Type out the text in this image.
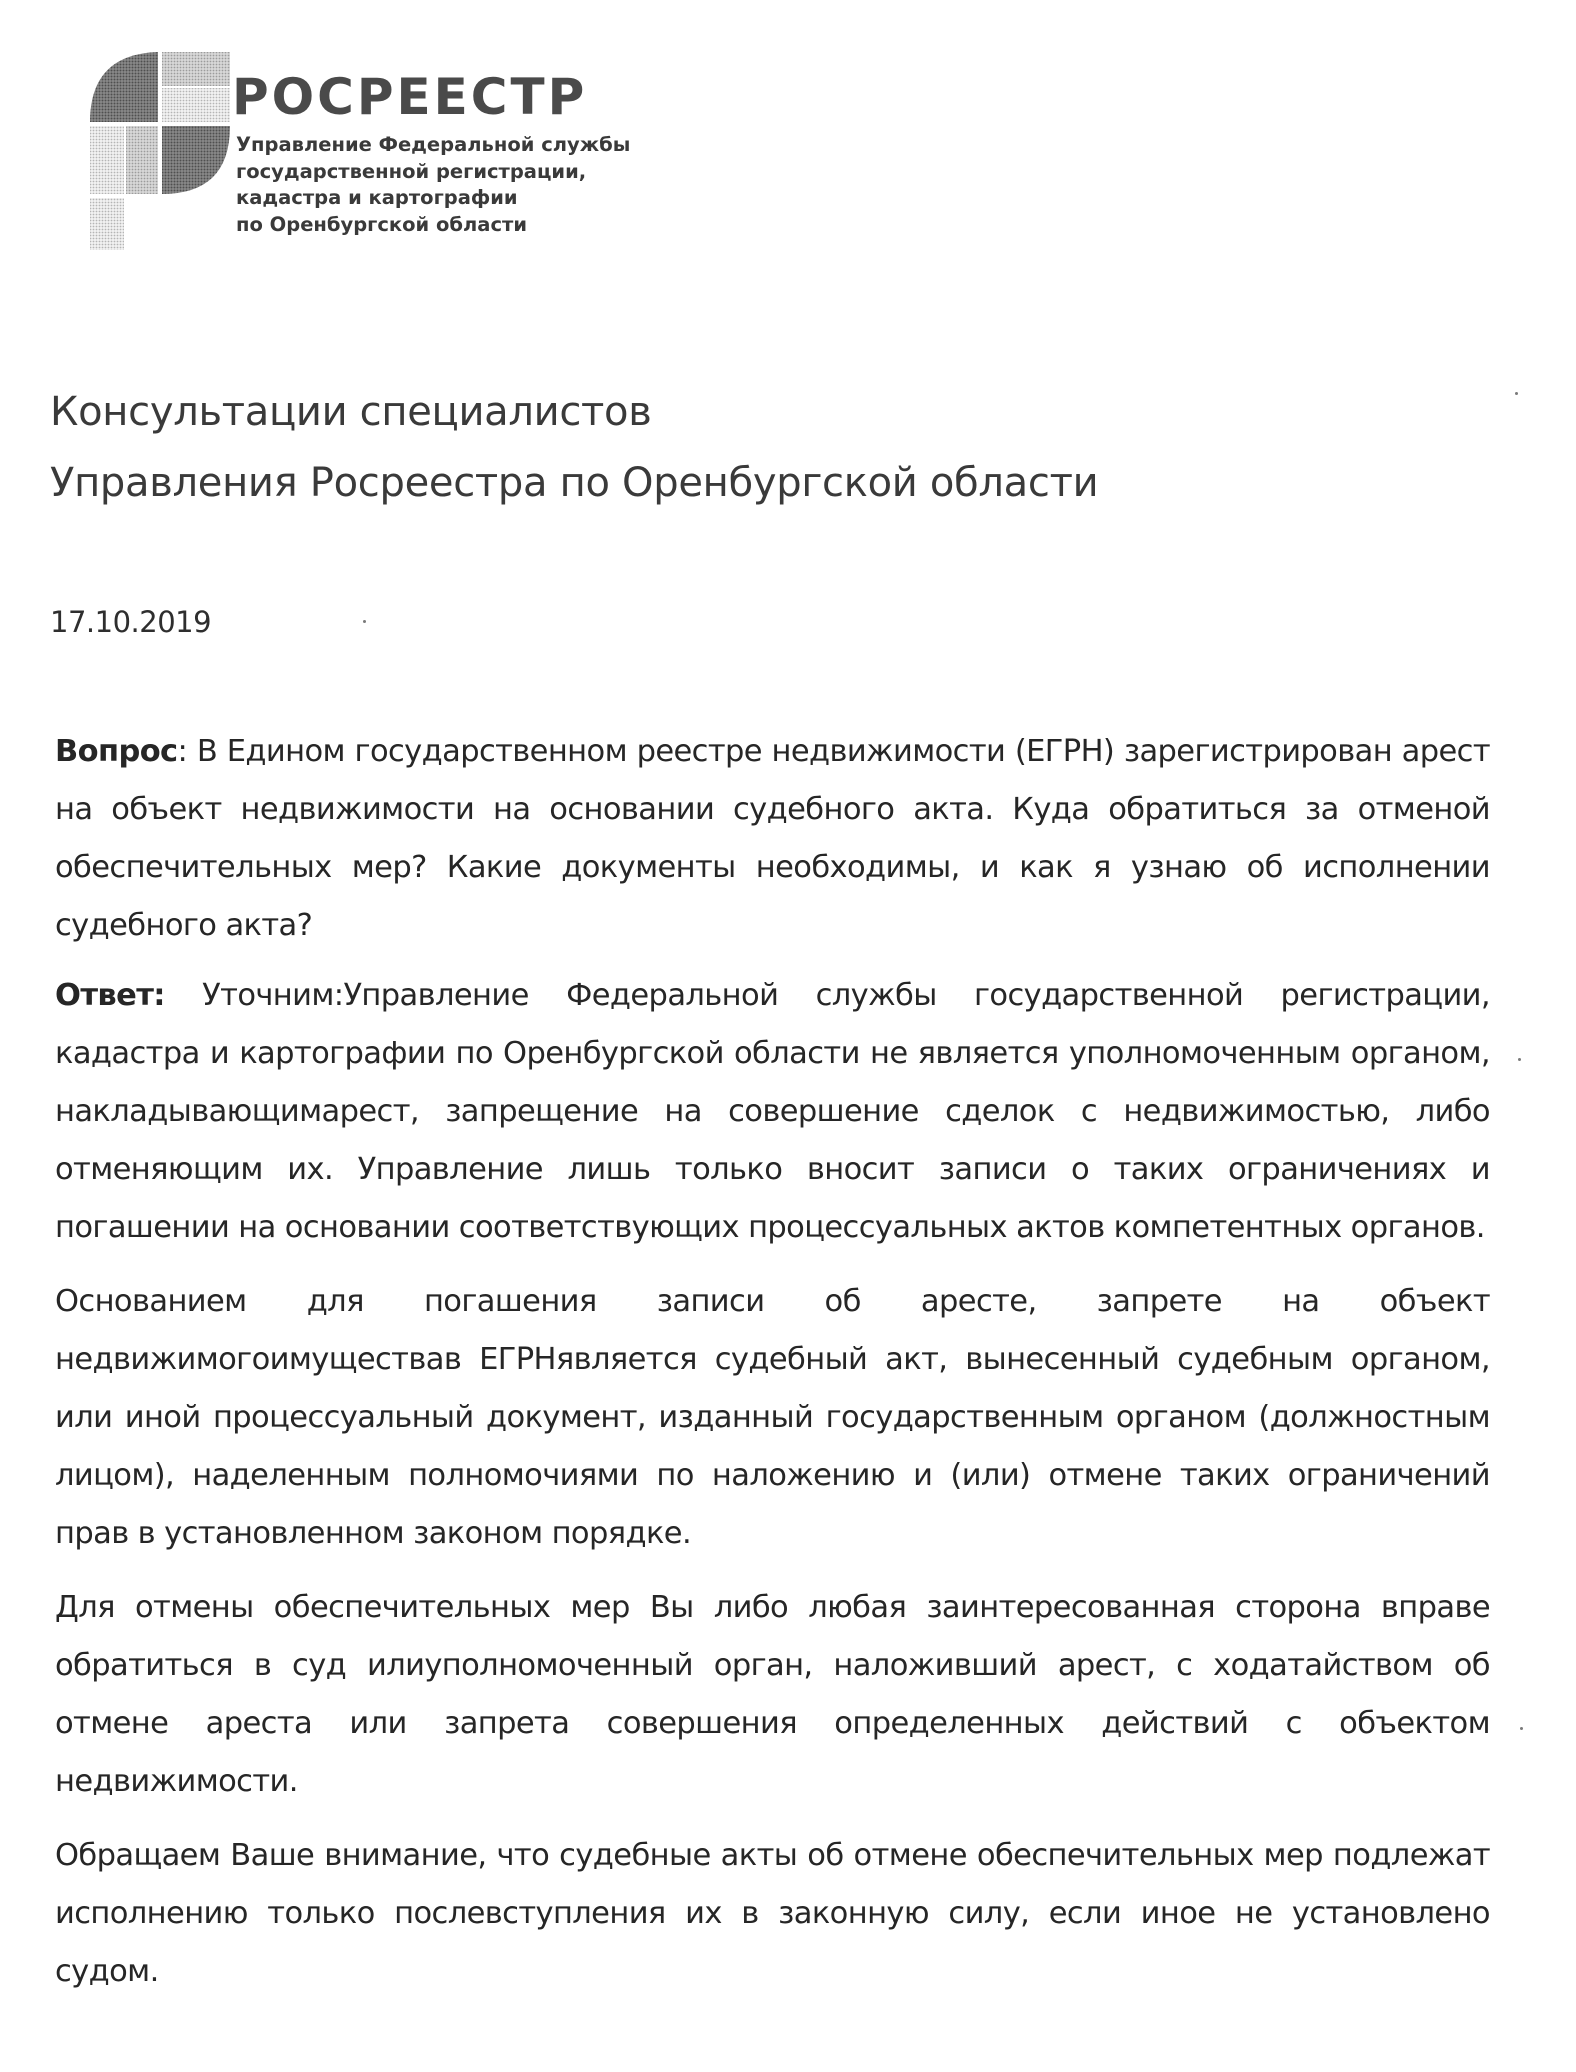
РОСРЕЕСТР
Управление Федеральной службы
государственной регистрации,
кадастра и картографии
по Оренбургской области
Консультации специалистов
Управления Росреестра по Оренбургской области
17.10.2019

Вопрос: В Едином государственном реестре недвижимости (ЕГРН) зарегистрирован арест на объект недвижимости на основании судебного акта. Куда обратиться за отменой обеспечительных мер? Какие документы необходимы, и как я узнаю об исполнении судебного акта?

Ответ: Уточним:Управление Федеральной службы государственной регистрации, кадастра и картографии по Оренбургской области не является уполномоченным органом, накладывающимарест, запрещение на совершение сделок с недвижимостью, либо отменяющим их. Управление лишь только вносит записи о таких ограничениях и погашении на основании соответствующих процессуальных актов компетентных органов.

Основанием для погашения записи об аресте, запрете на объект недвижимогоимуществав ЕГРНявляется судебный акт, вынесенный судебным органом, или иной процессуальный документ, изданный государственным органом (должностным лицом), наделенным полномочиями по наложению и (или) отмене таких ограничений прав в установленном законом порядке.

Для отмены обеспечительных мер Вы либо любая заинтересованная сторона вправе обратиться в суд илиуполномоченный орган, наложивший арест, с ходатайством об отмене ареста или запрета совершения определенных действий с объектом недвижимости.

Обращаем Ваше внимание, что судебные акты об отмене обеспечительных мер подлежат исполнению только послевступления их в законную силу, если иное не установлено судом.
